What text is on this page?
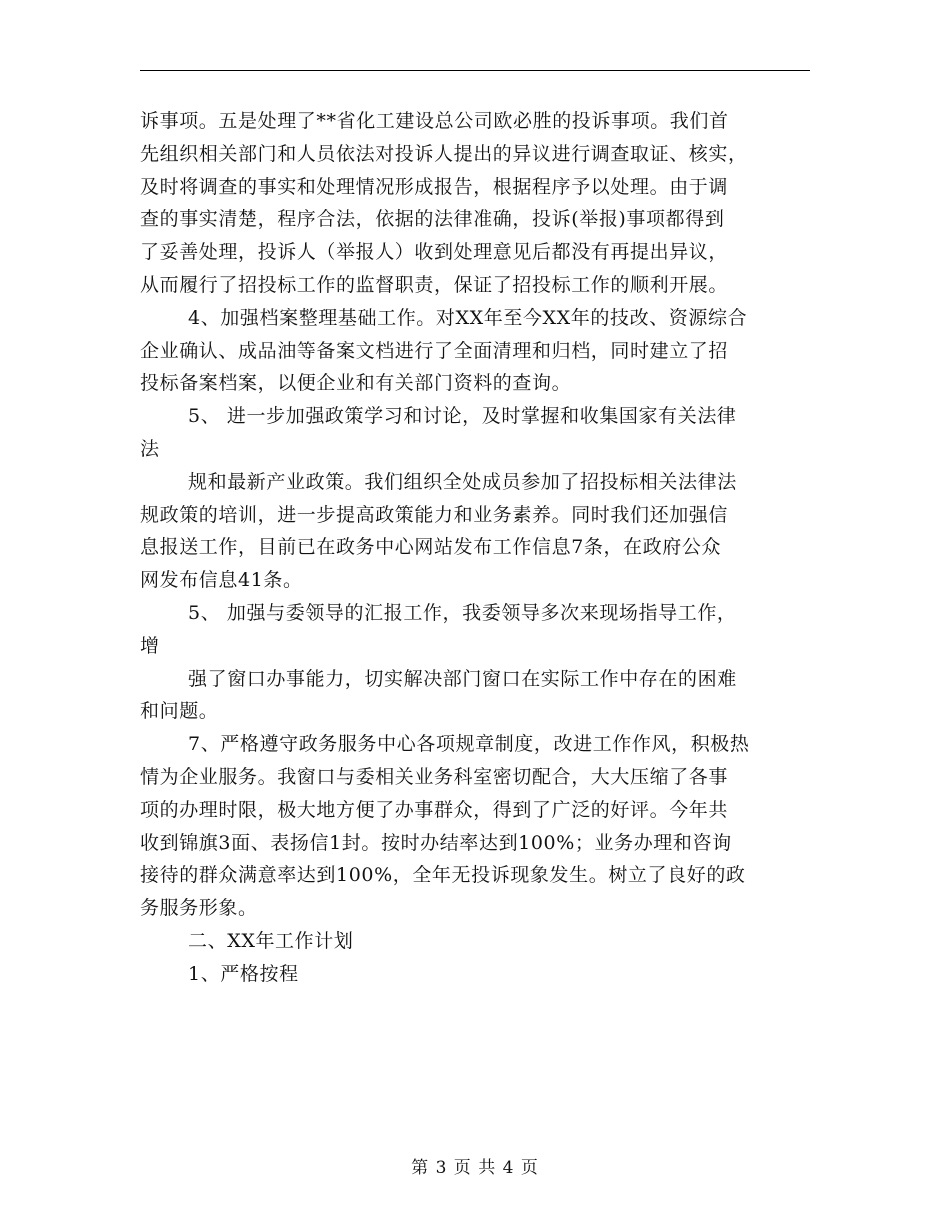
诉事项。五是处理了**省化工建设总公司欧必胜的投诉事项。我们首
先组织相关部门和人员依法对投诉人提出的异议进行调查取证、核实，
及时将调查的事实和处理情况形成报告，根据程序予以处理。由于调
查的事实清楚，程序合法，依据的法律准确，投诉(举报)事项都得到
了妥善处理，投诉人（举报人）收到处理意见后都没有再提出异议，
从而履行了招投标工作的监督职责，保证了招投标工作的顺利开展。
4、加强档案整理基础工作。对XX年至今XX年的技改、资源综合
企业确认、成品油等备案文档进行了全面清理和归档，同时建立了招
投标备案档案，以便企业和有关部门资料的查询。
5、 进一步加强政策学习和讨论，及时掌握和收集国家有关法律
法
规和最新产业政策。我们组织全处成员参加了招投标相关法律法
规政策的培训，进一步提高政策能力和业务素养。同时我们还加强信
息报送工作，目前已在政务中心网站发布工作信息7条，在政府公众
网发布信息41条。
5、 加强与委领导的汇报工作，我委领导多次来现场指导工作，
增
强了窗口办事能力，切实解决部门窗口在实际工作中存在的困难
和问题。
7、严格遵守政务服务中心各项规章制度，改进工作作风，积极热
情为企业服务。我窗口与委相关业务科室密切配合，大大压缩了各事
项的办理时限，极大地方便了办事群众，得到了广泛的好评。今年共
收到锦旗3面、表扬信1封。按时办结率达到100%；业务办理和咨询
接待的群众满意率达到100%，全年无投诉现象发生。树立了良好的政
务服务形象。
二、XX年工作计划
1、严格按程
第 3 页 共 4 页
